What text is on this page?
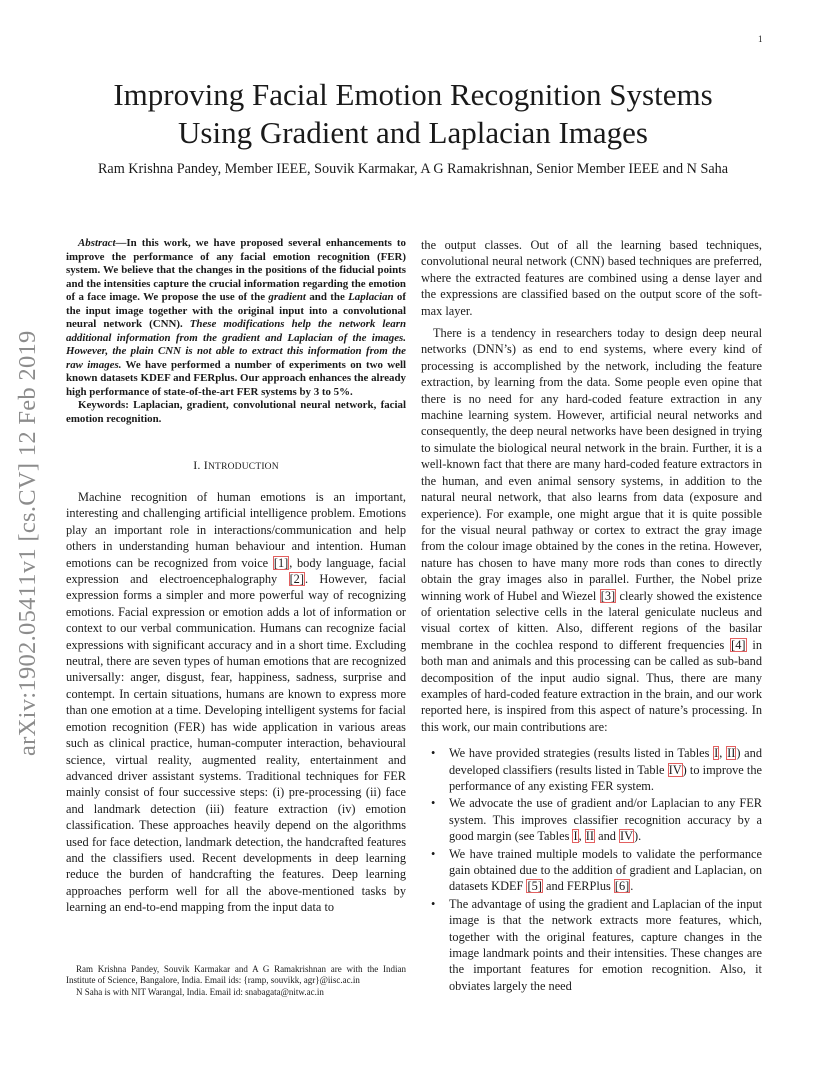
1
arXiv:1902.05411v1 [cs.CV] 12 Feb 2019
Improving Facial Emotion Recognition Systems
Using Gradient and Laplacian Images
Ram Krishna Pandey, Member IEEE, Souvik Karmakar, A G Ramakrishnan, Senior Member IEEE and N Saha

Abstract—In this work, we have proposed several enhancements to improve the performance of any facial emotion recognition (FER) system. We believe that the changes in the positions of the fiducial points and the intensities capture the crucial information regarding the emotion of a face image. We propose the use of the gradient and the Laplacian of the input image together with the original input into a convolutional neural network (CNN). These modifications help the network learn additional information from the gradient and Laplacian of the images. However, the plain CNN is not able to extract this information from the raw images. We have performed a number of experiments on two well known datasets KDEF and FERplus. Our approach enhances the already high performance of state-of-the-art FER systems by 3 to 5%.

Keywords: Laplacian, gradient, convolutional neural network, facial emotion recognition.

I. INTRODUCTION

Machine recognition of human emotions is an important, interesting and challenging artificial intelligence problem. Emotions play an important role in interactions/communication and help others in understanding human behaviour and intention. Human emotions can be recognized from voice [1], body language, facial expression and electroencephalography [2]. However, facial expression forms a simpler and more powerful way of recognizing emotions. Facial expression or emotion adds a lot of information or context to our verbal communication. Humans can recognize facial expressions with significant accuracy and in a short time. Excluding neutral, there are seven types of human emotions that are recognized universally: anger, disgust, fear, happiness, sadness, surprise and contempt. In certain situations, humans are known to express more than one emotion at a time. Developing intelligent systems for facial emotion recognition (FER) has wide application in various areas such as clinical practice, human-computer interaction, behavioural science, virtual reality, augmented reality, entertainment and advanced driver assistant systems. Traditional techniques for FER mainly consist of four successive steps: (i) pre-processing (ii) face and landmark detection (iii) feature extraction (iv) emotion classification. These approaches heavily depend on the algorithms used for face detection, landmark detection, the handcrafted features and the classifiers used. Recent developments in deep learning reduce the burden of handcrafting the features. Deep learning approaches perform well for all the above-mentioned tasks by learning an end-to-end mapping from the input data to

Ram Krishna Pandey, Souvik Karmakar and A G Ramakrishnan are with the Indian Institute of Science, Bangalore, India. Email ids: {ramp, souvikk, agr}@iisc.ac.in

N Saha is with NIT Warangal, India. Email id: snabagata@nitw.ac.in

the output classes. Out of all the learning based techniques, convolutional neural network (CNN) based techniques are preferred, where the extracted features are combined using a dense layer and the expressions are classified based on the output score of the soft-max layer.

There is a tendency in researchers today to design deep neural networks (DNN’s) as end to end systems, where every kind of processing is accomplished by the network, including the feature extraction, by learning from the data. Some people even opine that there is no need for any hard-coded feature extraction in any machine learning system. However, artificial neural networks and consequently, the deep neural networks have been designed in trying to simulate the biological neural network in the brain. Further, it is a well-known fact that there are many hard-coded feature extractors in the human, and even animal sensory systems, in addition to the natural neural network, that also learns from data (exposure and experience). For example, one might argue that it is quite possible for the visual neural pathway or cortex to extract the gray image from the colour image obtained by the cones in the retina. However, nature has chosen to have many more rods than cones to directly obtain the gray images also in parallel. Further, the Nobel prize winning work of Hubel and Wiezel [3] clearly showed the existence of orientation selective cells in the lateral geniculate nucleus and visual cortex of kitten. Also, different regions of the basilar membrane in the cochlea respond to different frequencies [4] in both man and animals and this processing can be called as sub-band decomposition of the input audio signal. Thus, there are many examples of hard-coded feature extraction in the brain, and our work reported here, is inspired from this aspect of nature’s processing. In this work, our main contributions are:

• We have provided strategies (results listed in Tables I, II) and developed classifiers (results listed in Table IV) to improve the performance of any existing FER system.
• We advocate the use of gradient and/or Laplacian to any FER system. This improves classifier recognition accuracy by a good margin (see Tables I, II and IV).
• We have trained multiple models to validate the performance gain obtained due to the addition of gradient and Laplacian, on datasets KDEF [5] and FERPlus [6].
• The advantage of using the gradient and Laplacian of the input image is that the network extracts more features, which, together with the original features, capture changes in the image landmark points and their intensities. These changes are the important features for emotion recognition. Also, it obviates largely the need
